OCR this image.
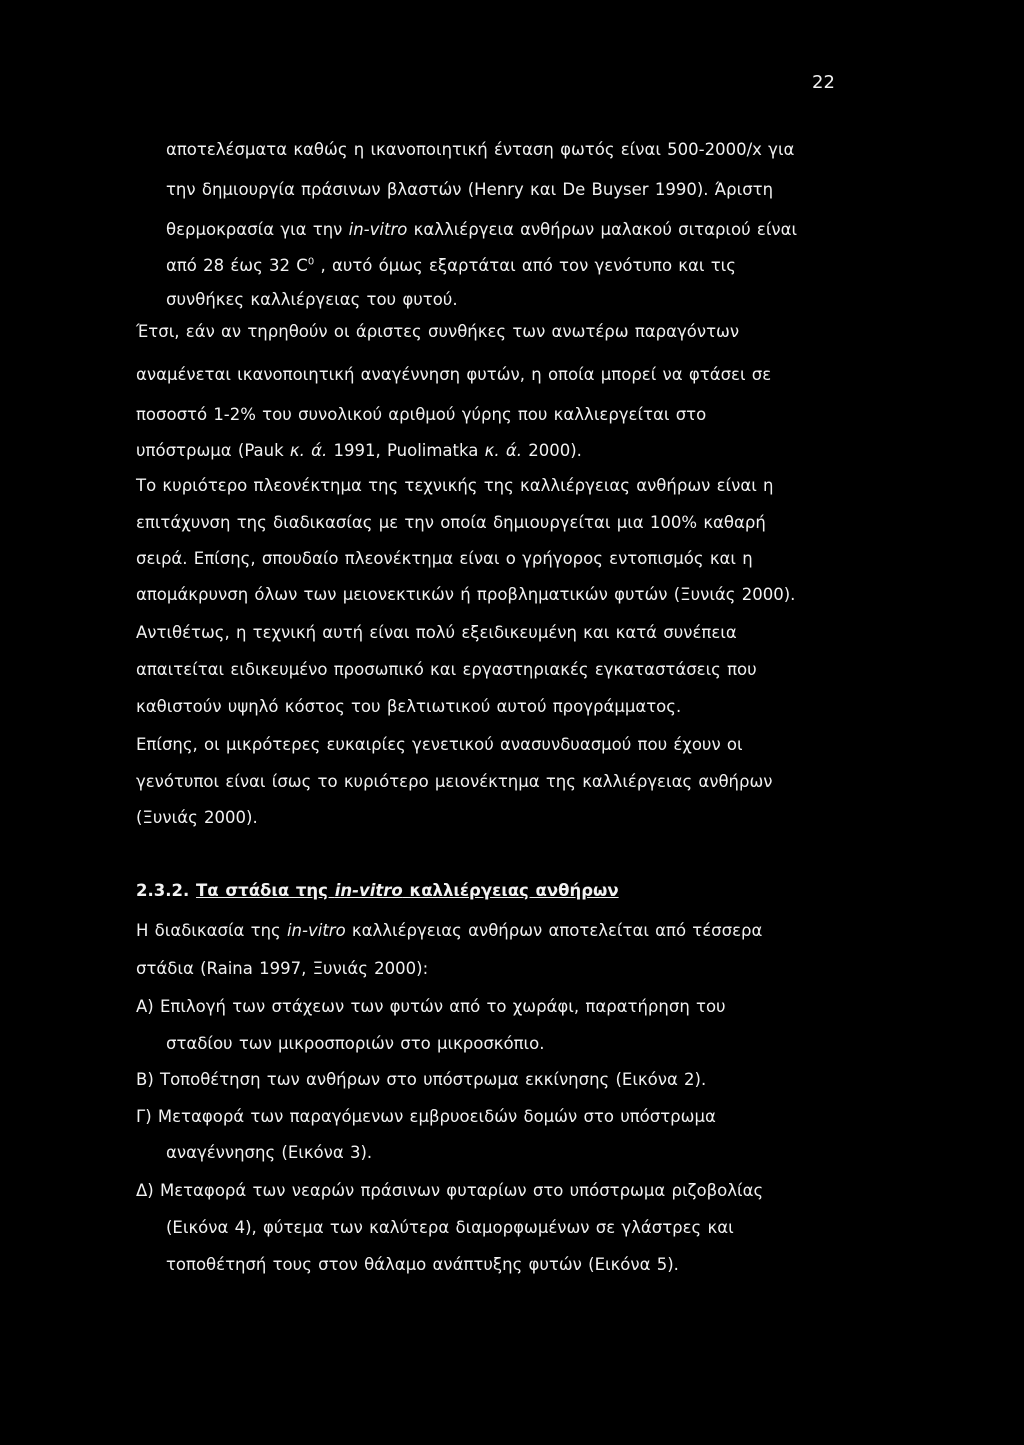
22
αποτελέσματα καθώς η ικανοποιητική ένταση φωτός είναι 500-2000/x για
την δημιουργία πράσινων βλαστών (Henry και De Buyser 1990). Άριστη
θερμοκρασία για την in-vitro καλλιέργεια ανθήρων μαλακού σιταριού είναι
από 28 έως 32 $C^0$ , αυτό όμως εξαρτάται από τον γενότυπο και τις
συνθήκες καλλιέργειας του φυτού.
Έτσι, εάν αν τηρηθούν οι άριστες συνθήκες των ανωτέρω παραγόντων
αναμένεται ικανοποιητική αναγέννηση φυτών, η οποία μπορεί να φτάσει σε
ποσοστό 1-2% του συνολικού αριθμού γύρης που καλλιεργείται στο
υπόστρωμα (Pauk κ. ά. 1991, Puolimatka κ. ά. 2000).
Το κυριότερο πλεονέκτημα της τεχνικής της καλλιέργειας ανθήρων είναι η
επιτάχυνση της διαδικασίας με την οποία δημιουργείται μια 100% καθαρή
σειρά. Επίσης, σπουδαίο πλεονέκτημα είναι ο γρήγορος εντοπισμός και η
απομάκρυνση όλων των μειονεκτικών ή προβληματικών φυτών (Ξυνιάς 2000).
Αντιθέτως, η τεχνική αυτή είναι πολύ εξειδικευμένη και κατά συνέπεια
απαιτείται ειδικευμένο προσωπικό και εργαστηριακές εγκαταστάσεις που
καθιστούν υψηλό κόστος του βελτιωτικού αυτού προγράμματος.
Επίσης, οι μικρότερες ευκαιρίες γενετικού ανασυνδυασμού που έχουν οι
γενότυποι είναι ίσως το κυριότερο μειονέκτημα της καλλιέργειας ανθήρων
(Ξυνιάς 2000).
2.3.2. Τα στάδια της in-vitro καλλιέργειας ανθήρων
Η διαδικασία της in-vitro καλλιέργειας ανθήρων αποτελείται από τέσσερα
στάδια (Raina 1997, Ξυνιάς 2000):
Α) Επιλογή των στάχεων των φυτών από το χωράφι, παρατήρηση του
σταδίου των μικροσποριών στο μικροσκόπιο.
Β) Τοποθέτηση των ανθήρων στο υπόστρωμα εκκίνησης (Εικόνα 2).
Γ) Μεταφορά των παραγόμενων εμβρυοειδών δομών στο υπόστρωμα
αναγέννησης (Εικόνα 3).
Δ) Μεταφορά των νεαρών πράσινων φυταρίων στο υπόστρωμα ριζοβολίας
(Εικόνα 4), φύτεμα των καλύτερα διαμορφωμένων σε γλάστρες και
τοποθέτησή τους στον θάλαμο ανάπτυξης φυτών (Εικόνα 5).
